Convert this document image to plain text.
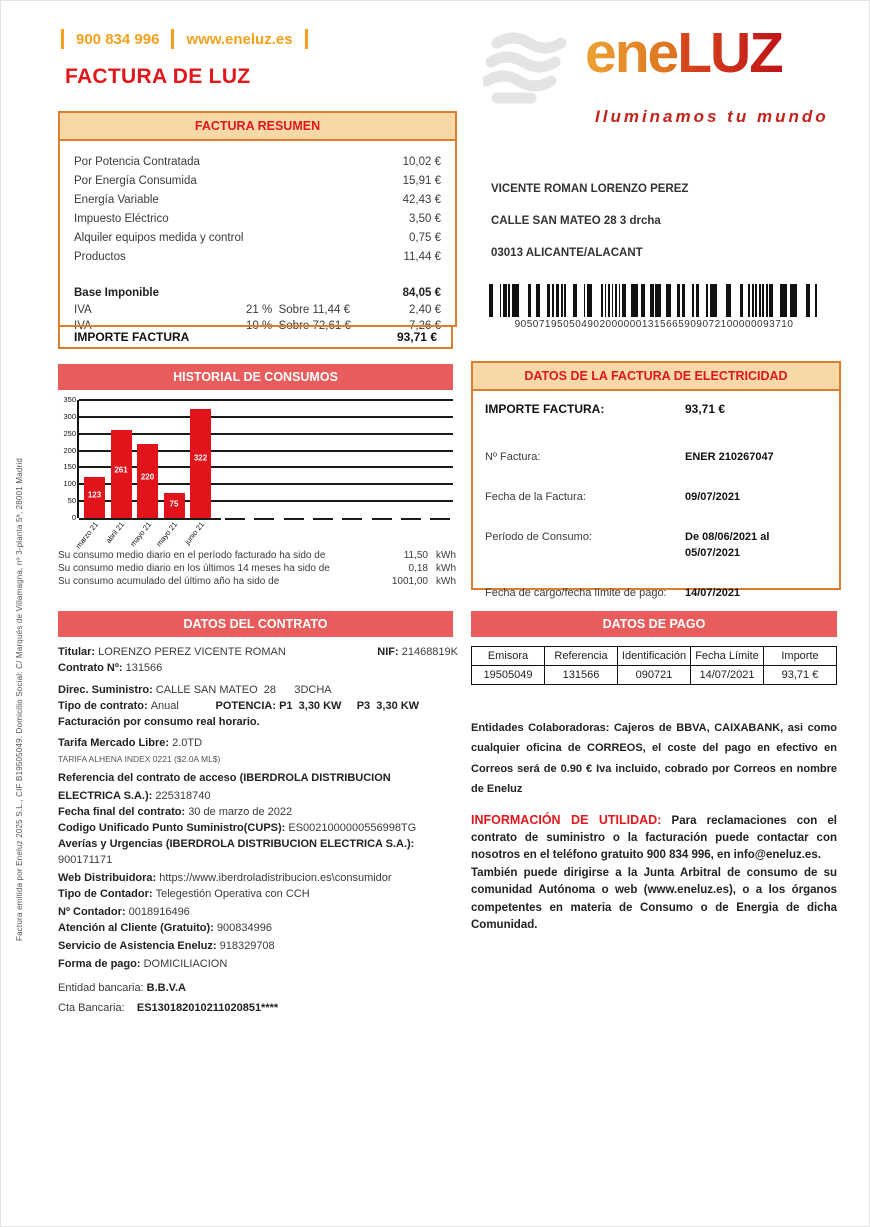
Factura emitida por Eneluz 2025 S.L., CIF B19505049. Domicilio Social: C/ Marqués de Villamagna, nº 3-planta 5ª, 28001 Madrid
900 834 996 www.eneluz.es
FACTURA DE LUZ	eneLUZ
Iluminamos tu mundo
FACTURA RESUMEN
Por Potencia Contratada	10,02 €
Por Energía Consumida	15,91 €
Energía Variable	42,43 €
Impuesto Eléctrico	3,50 €
Alquiler equipos medida y control	0,75 €
Productos	11,44 €
Base Imponible	84,05 €
IVA	21 %  Sobre 11,44 €	2,40 €
IVA	10 %  Sobre 72,61 €	7,26 €
IMPORTE FACTURA	93,71 €
VICENTE ROMAN LORENZO PEREZ
CALLE SAN MATEO 28 3 drcha
03013 ALICANTE/ALACANT
9050719505049020000001315665909072100000093710
HISTORIAL DE CONSUMOS
0
50
100
150
200
250
300
350
123
261
220
75
322
marzo 21 abril 21 mayo 21 mayo 21 junio 21
Su consumo medio diario en el período facturado ha sido de	11,50 kWh
Su consumo medio diario en los últimos 14 meses ha sido de	0,18 kWh
Su consumo acumulado del último año ha sido de	1001,00 kWh
DATOS DE LA FACTURA DE ELECTRICIDAD
IMPORTE FACTURA:	93,71 €
Nº Factura:	ENER 210267047
Fecha de la Factura:	09/07/2021
Período de Consumo:	De 08/06/2021 al 05/07/2021
Fecha de cargo/fecha límite de pago:	14/07/2021
DATOS DEL CONTRATO
Titular: LORENZO PEREZ VICENTE ROMAN	NIF: 21468819K
Contrato Nº: 131566
Direc. Suministro: CALLE SAN MATEO  28      3DCHA
Tipo de contrato: Anual	POTENCIA: P1  3,30 KW     P3  3,30 KW
Facturación por consumo real horario.
Tarifa Mercado Libre: 2.0TD
TARIFA ALHENA INDEX 0221 ($2.0A ML$)
Referencia del contrato de acceso (IBERDROLA DISTRIBUCION
ELECTRICA S.A.): 225318740
Fecha final del contrato: 30 de marzo de 2022
Codigo Unificado Punto Suministro(CUPS): ES0021000000556998TG
Averías y Urgencias (IBERDROLA DISTRIBUCION ELECTRICA S.A.):
900171171
Web Distribuidora: https://www.iberdroladistribucion.es\consumidor
Tipo de Contador: Telegestión Operativa con CCH
Nº Contador: 0018916496
Atención al Cliente (Gratuito): 900834996
Servicio de Asistencia Eneluz: 918329708
Forma de pago: DOMICILIACION
Entidad bancaria: B.B.V.A
Cta Bancaria:    ES130182010211020851****
DATOS DE PAGO
Emisora	Referencia	Identificación	Fecha Límite	Importe
19505049	131566	090721	14/07/2021	93,71 €

Entidades Colaboradoras: Cajeros de BBVA, CAIXABANK, asi como cualquier oficina de CORREOS, el coste del pago en efectivo en Correos será de 0.90 € Iva incluido, cobrado por Correos en nombre de Eneluz

INFORMACIÓN DE UTILIDAD: Para reclamaciones con el contrato de suministro o la facturación puede contactar con nosotros en el teléfono gratuito 900 834 996, en info@eneluz.es.
También puede dirigirse a la Junta Arbitral de consumo de su comunidad Autónoma o web (www.eneluz.es), o a los órganos competentes en materia de Consumo o de Energia de dicha Comunidad.
